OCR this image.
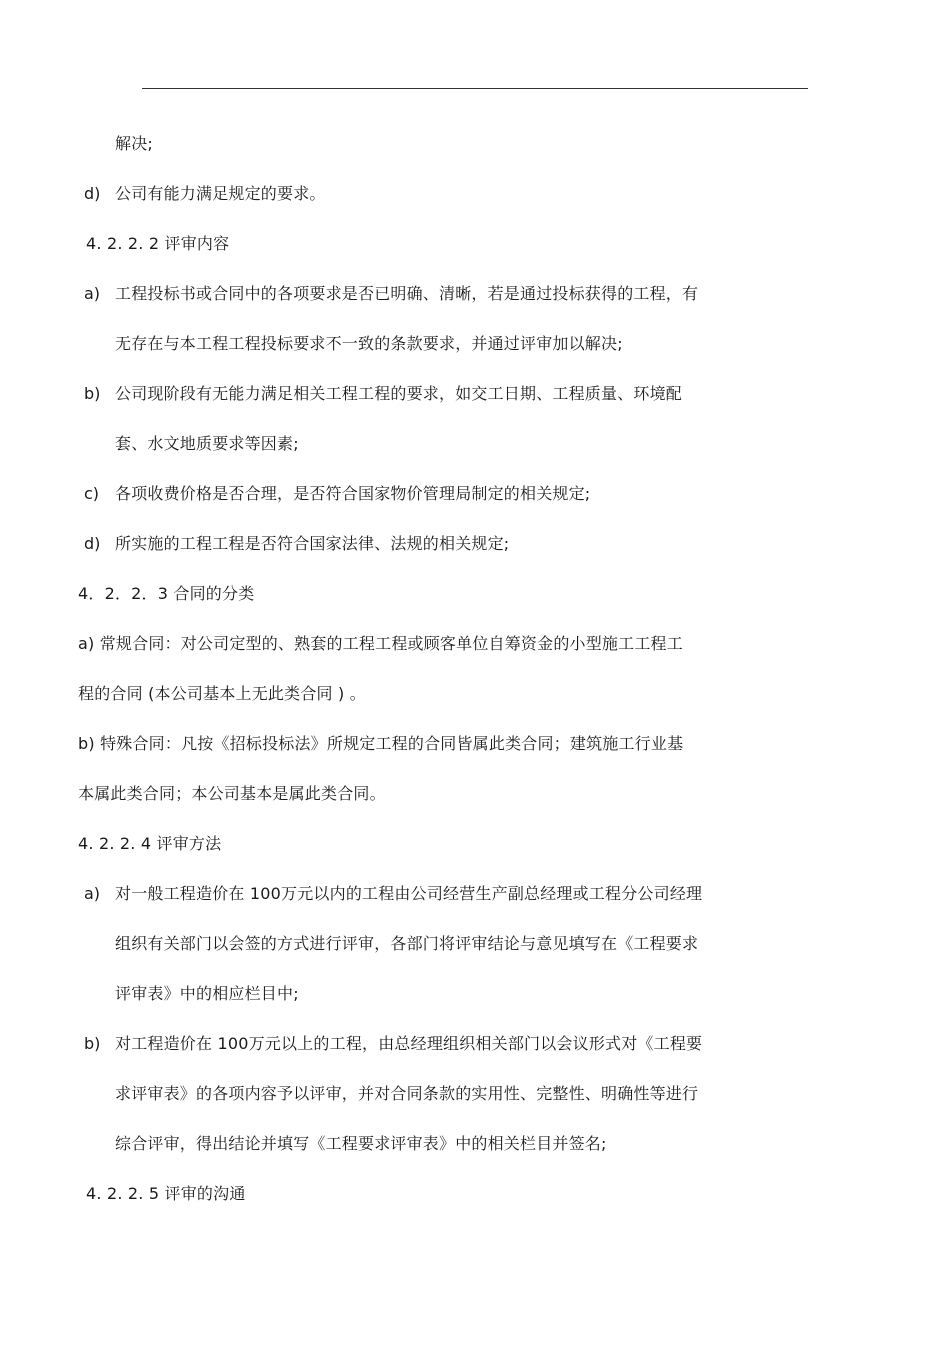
解决;
d) 公司有能力满足规定的要求。
4. 2. 2. 2 评审内容
a) 工程投标书或合同中的各项要求是否已明确、清晰，若是通过投标获得的工程，有
无存在与本工程工程投标要求不一致的条款要求，并通过评审加以解决;
b) 公司现阶段有无能力满足相关工程工程的要求，如交工日期、工程质量、环境配
套、水文地质要求等因素;
c) 各项收费价格是否合理，是否符合国家物价管理局制定的相关规定;
d) 所实施的工程工程是否符合国家法律、法规的相关规定;
4．2．2．3 合同的分类
a) 常规合同：对公司定型的、熟套的工程工程或顾客单位自筹资金的小型施工工程工
程的合同 (本公司基本上无此类合同 ) 。
b) 特殊合同：凡按《招标投标法》所规定工程的合同皆属此类合同；建筑施工行业基
本属此类合同；本公司基本是属此类合同。
4. 2. 2. 4 评审方法
a) 对一般工程造价在 100万元以内的工程由公司经营生产副总经理或工程分公司经理
组织有关部门以会签的方式进行评审，各部门将评审结论与意见填写在《工程要求
评审表》中的相应栏目中;
b) 对工程造价在 100万元以上的工程，由总经理组织相关部门以会议形式对《工程要
求评审表》的各项内容予以评审，并对合同条款的实用性、完整性、明确性等进行
综合评审，得出结论并填写《工程要求评审表》中的相关栏目并签名;
4. 2. 2. 5 评审的沟通
